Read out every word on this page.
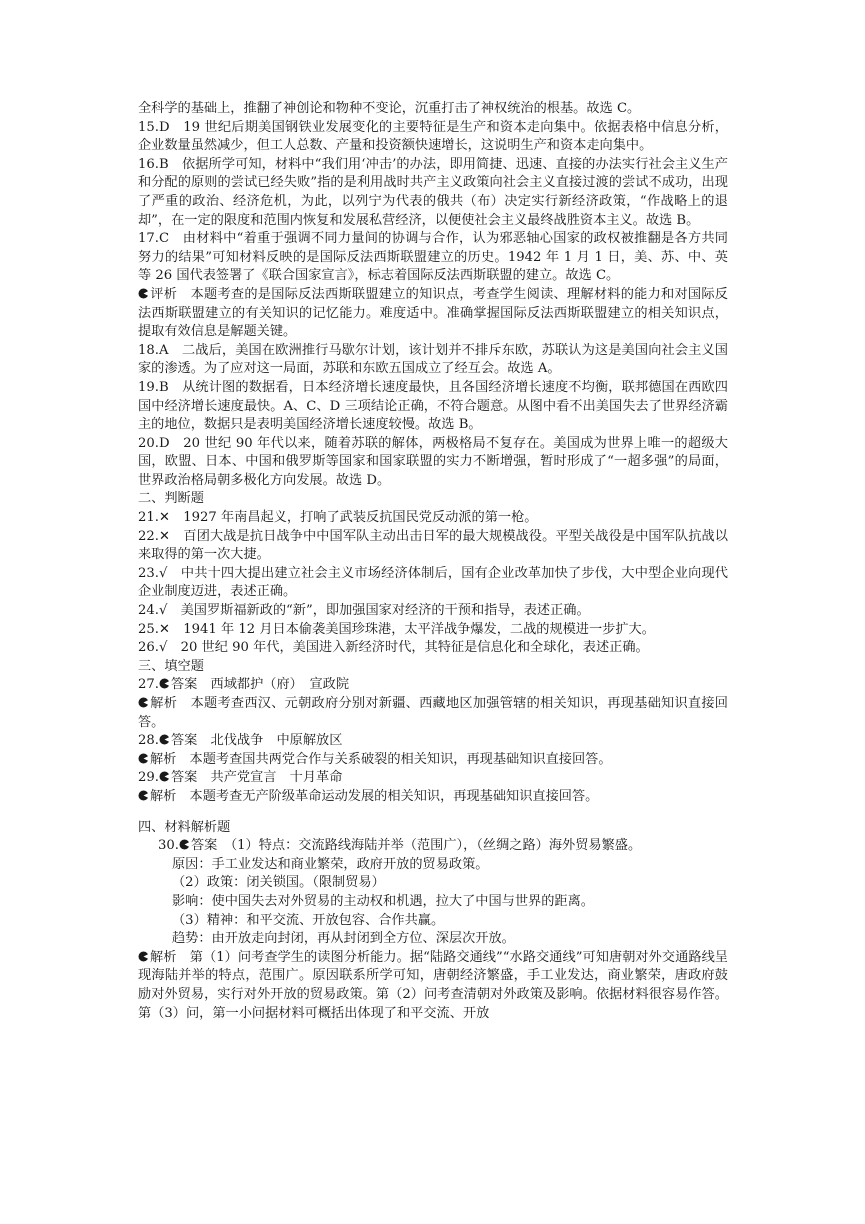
全科学的基础上，推翻了神创论和物种不变论，沉重打击了神权统治的根基。故选 C。

15.D　19 世纪后期美国钢铁业发展变化的主要特征是生产和资本走向集中。依据表格中信息分析，企业数量虽然减少，但工人总数、产量和投资额快速增长，这说明生产和资本走向集中。

16.B　依据所学可知，材料中“我们用‘冲击’的办法，即用简捷、迅速、直接的办法实行社会主义生产和分配的原则的尝试已经失败”指的是利用战时共产主义政策向社会主义直接过渡的尝试不成功，出现了严重的政治、经济危机，为此，以列宁为代表的俄共（布）决定实行新经济政策，“作战略上的退却”，在一定的限度和范围内恢复和发展私营经济，以便使社会主义最终战胜资本主义。故选 B。

17.C　由材料中“着重于强调不同力量间的协调与合作，认为邪恶轴心国家的政权被推翻是各方共同努力的结果”可知材料反映的是国际反法西斯联盟建立的历史。1942 年 1 月 1 日，美、苏、中、英等 26 国代表签署了《联合国家宣言》，标志着国际反法西斯联盟的建立。故选 C。

评析　本题考查的是国际反法西斯联盟建立的知识点，考查学生阅读、理解材料的能力和对国际反法西斯联盟建立的有关知识的记忆能力。难度适中。准确掌握国际反法西斯联盟建立的相关知识点，提取有效信息是解题关键。

18.A　二战后，美国在欧洲推行马歇尔计划，该计划并不排斥东欧，苏联认为这是美国向社会主义国家的渗透。为了应对这一局面，苏联和东欧五国成立了经互会。故选 A。

19.B　从统计图的数据看，日本经济增长速度最快，且各国经济增长速度不均衡，联邦德国在西欧四国中经济增长速度最快。A、C、D 三项结论正确，不符合题意。从图中看不出美国失去了世界经济霸主的地位，数据只是表明美国经济增长速度较慢。故选 B。

20.D　20 世纪 90 年代以来，随着苏联的解体，两极格局不复存在。美国成为世界上唯一的超级大国，欧盟、日本、中国和俄罗斯等国家和国家联盟的实力不断增强，暂时形成了“一超多强”的局面，世界政治格局朝多极化方向发展。故选 D。

二、判断题

21.✕　1927 年南昌起义，打响了武装反抗国民党反动派的第一枪。

22.✕　百团大战是抗日战争中中国军队主动出击日军的最大规模战役。平型关战役是中国军队抗战以来取得的第一次大捷。

23.√　中共十四大提出建立社会主义市场经济体制后，国有企业改革加快了步伐，大中型企业向现代企业制度迈进，表述正确。

24.√　美国罗斯福新政的“新”，即加强国家对经济的干预和指导，表述正确。

25.✕　1941 年 12 月日本偷袭美国珍珠港，太平洋战争爆发，二战的规模进一步扩大。

26.√　20 世纪 90 年代，美国进入新经济时代，其特征是信息化和全球化，表述正确。

三、填空题

27. 答案　西域都护（府）　宣政院

解析　本题考查西汉、元朝政府分别对新疆、西藏地区加强管辖的相关知识，再现基础知识直接回答。

28. 答案　北伐战争　中原解放区

解析　本题考查国共两党合作与关系破裂的相关知识，再现基础知识直接回答。

29. 答案　共产党宣言　十月革命

解析　本题考查无产阶级革命运动发展的相关知识，再现基础知识直接回答。

四、材料解析题

30. 答案　（1）特点：交流路线海陆并举（范围广），（丝绸之路）海外贸易繁盛。

原因：手工业发达和商业繁荣，政府开放的贸易政策。

（2）政策：闭关锁国。（限制贸易）

影响：使中国失去对外贸易的主动权和机遇，拉大了中国与世界的距离。

（3）精神：和平交流、开放包容、合作共赢。

趋势：由开放走向封闭，再从封闭到全方位、深层次开放。

解析　第（1）问考查学生的读图分析能力。据“陆路交通线”“水路交通线”可知唐朝对外交通路线呈现海陆并举的特点，范围广。原因联系所学可知，唐朝经济繁盛，手工业发达，商业繁荣，唐政府鼓励对外贸易，实行对外开放的贸易政策。第（2）问考查清朝对外政策及影响。依据材料很容易作答。第（3）问，第一小问据材料可概括出体现了和平交流、开放
